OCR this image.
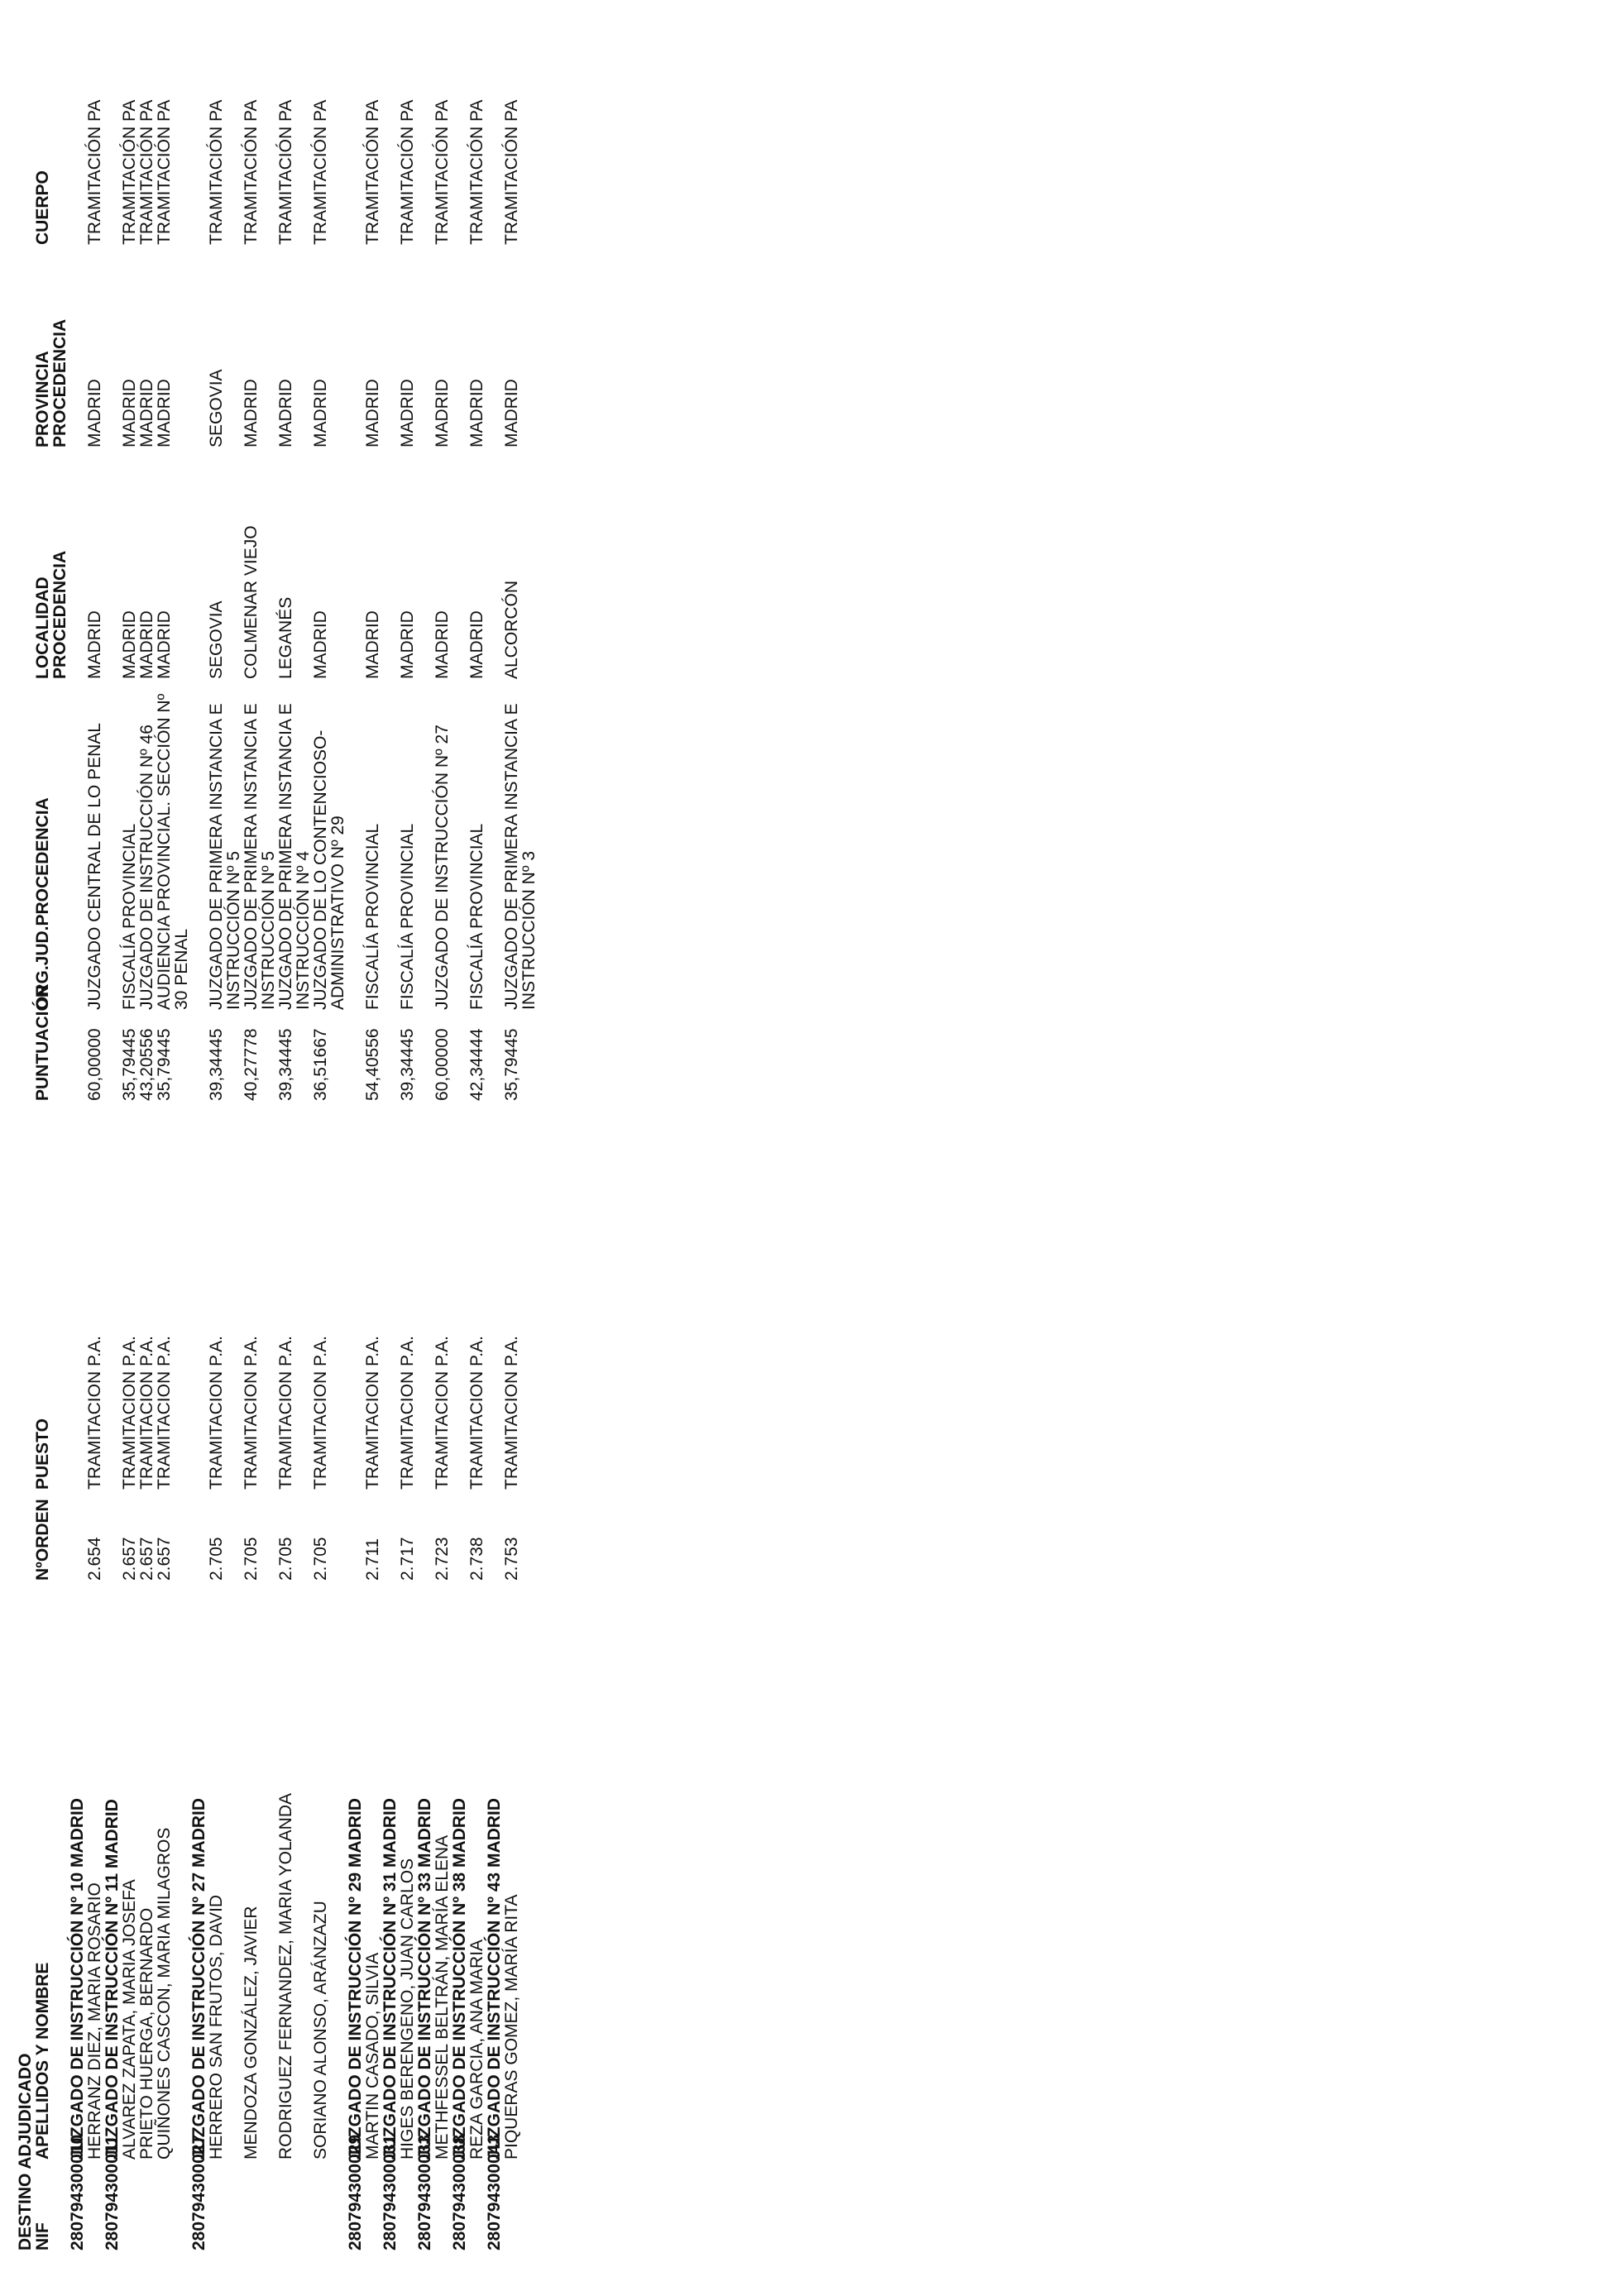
DESTINO ADJUDICADO								
NIF	APELLIDOS Y NOMBRE	NºORDEN	PUESTO	PUNTUACIÓN	ORG.JUD.PROCEDENCIA	LOCALIDAD PROCEDENCIA	PROVINCIA PROCEDENCIA	CUERPO
280794300010	JUZGADO DE INSTRUCCIÓN Nº 10 MADRID							
	HERRANZ DIEZ, MARIA ROSARIO	2.654	TRAMITACION P.A.	60,00000	JUZGADO CENTRAL DE LO PENAL	MADRID	MADRID	TRAMITACIÓN PA
280794300011	JUZGADO DE INSTRUCCIÓN Nº 11 MADRID							
	ALVAREZ ZAPATA, MARIA JOSEFA	2.657	TRAMITACION P.A.	35,79445	FISCALÍA PROVINCIAL	MADRID	MADRID	TRAMITACIÓN PA
	PRIETO HUERGA, BERNARDO	2.657	TRAMITACION P.A.	43,20556	JUZGADO DE INSTRUCCIÓN Nº 46	MADRID	MADRID	TRAMITACIÓN PA
	QUIÑONES CASCON, MARIA MILAGROS	2.657	TRAMITACION P.A.	35,79445	AUDIENCIA PROVINCIAL. SECCIÓN Nº 30 PENAL	MADRID	MADRID	TRAMITACIÓN PA
280794300027	JUZGADO DE INSTRUCCIÓN Nº 27 MADRID							
	HERRERO SAN FRUTOS, DAVID	2.705	TRAMITACION P.A.	39,34445	JUZGADO DE PRIMERA INSTANCIA E INSTRUCCIÓN Nº 5	SEGOVIA	SEGOVIA	TRAMITACIÓN PA
	MENDOZA GONZÁLEZ, JAVIER	2.705	TRAMITACION P.A.	40,27778	JUZGADO DE PRIMERA INSTANCIA E INSTRUCCIÓN Nº 5	COLMENAR VIEJO	MADRID	TRAMITACIÓN PA
	RODRIGUEZ FERNANDEZ, MARIA YOLANDA	2.705	TRAMITACION P.A.	39,34445	JUZGADO DE PRIMERA INSTANCIA E INSTRUCCIÓN Nº 4	LEGANÉS	MADRID	TRAMITACIÓN PA
	SORIANO ALONSO, ARÁNZAZU	2.705	TRAMITACION P.A.	36,51667	JUZGADO DE LO CONTENCIOSO-ADMINISTRATIVO Nº 29	MADRID	MADRID	TRAMITACIÓN PA
280794300029	JUZGADO DE INSTRUCCIÓN Nº 29 MADRID							
	MARTIN CASADO, SILVIA	2.711	TRAMITACION P.A.	54,40556	FISCALÍA PROVINCIAL	MADRID	MADRID	TRAMITACIÓN PA
280794300031	JUZGADO DE INSTRUCCIÓN Nº 31 MADRID							
	HIGES BERENGENO, JUAN CARLOS	2.717	TRAMITACION P.A.	39,34445	FISCALÍA PROVINCIAL	MADRID	MADRID	TRAMITACIÓN PA
280794300033	JUZGADO DE INSTRUCCIÓN Nº 33 MADRID							
	METHFESSEL BELTRÁN, MARÍA ELENA	2.723	TRAMITACION P.A.	60,00000	JUZGADO DE INSTRUCCIÓN Nº 27	MADRID	MADRID	TRAMITACIÓN PA
280794300038	JUZGADO DE INSTRUCCIÓN Nº 38 MADRID							
	REZA GARCIA, ANA MARIA	2.738	TRAMITACION P.A.	42,34444	FISCALÍA PROVINCIAL	MADRID	MADRID	TRAMITACIÓN PA
280794300043	JUZGADO DE INSTRUCCIÓN Nº 43 MADRID							
	PIQUERAS GOMEZ, MARÍA RITA	2.753	TRAMITACION P.A.	35,79445	JUZGADO DE PRIMERA INSTANCIA E INSTRUCCIÓN Nº 3	ALCORCÓN	MADRID	TRAMITACIÓN PA
